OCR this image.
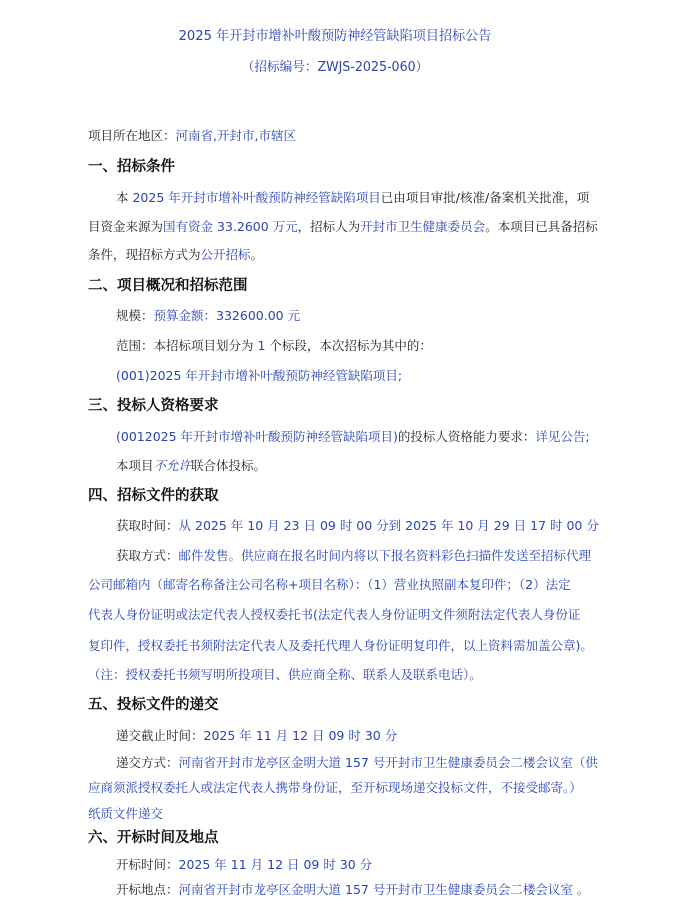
2025 年开封市增补叶酸预防神经管缺陷项目招标公告
（招标编号：ZWJS-2025-060）
项目所在地区：河南省,开封市,市辖区
一、招标条件
本 2025 年开封市增补叶酸预防神经管缺陷项目已由项目审批/核准/备案机关批准，项
目资金来源为国有资金 33.2600 万元，招标人为开封市卫生健康委员会。本项目已具备招标
条件，现招标方式为公开招标。
二、项目概况和招标范围
规模：预算金额：332600.00 元
范围：本招标项目划分为 1 个标段，本次招标为其中的：
(001)2025 年开封市增补叶酸预防神经管缺陷项目;
三、投标人资格要求
(0012025 年开封市增补叶酸预防神经管缺陷项目)的投标人资格能力要求：详见公告;
本项目不允许联合体投标。
四、招标文件的获取
获取时间：从 2025 年 10 月 23 日 09 时 00 分到 2025 年 10 月 29 日 17 时 00 分
获取方式：邮件发售。供应商在报名时间内将以下报名资料彩色扫描件发送至招标代理
公司邮箱内（邮寄名称备注公司名称+项目名称）：（1）营业执照副本复印件；（2）法定
代表人身份证明或法定代表人授权委托书(法定代表人身份证明文件须附法定代表人身份证
复印件，授权委托书须附法定代表人及委托代理人身份证明复印件，以上资料需加盖公章)。
（注：授权委托书须写明所投项目、供应商全称、联系人及联系电话）。
五、投标文件的递交
递交截止时间：2025 年 11 月 12 日 09 时 30 分
递交方式：河南省开封市龙亭区金明大道 157 号开封市卫生健康委员会二楼会议室（供
应商须派授权委托人或法定代表人携带身份证，至开标现场递交投标文件，不接受邮寄。）
纸质文件递交
六、开标时间及地点
开标时间：2025 年 11 月 12 日 09 时 30 分
开标地点：河南省开封市龙亭区金明大道 157 号开封市卫生健康委员会二楼会议室 。
